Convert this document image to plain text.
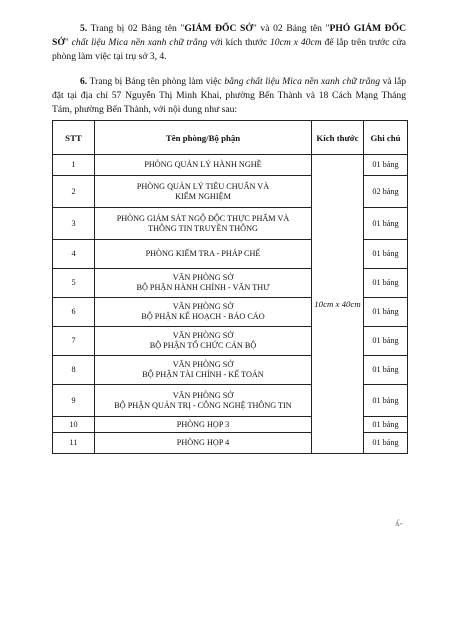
5. Trang bị 02 Bảng tên "GIÁM ĐỐC SỞ" và 02 Bảng tên "PHÓ GIÁM ĐỐC SỞ" chất liệu Mica nền xanh chữ trắng với kích thước 10cm x 40cm để lắp trên trước cửa phòng làm việc tại trụ sở 3, 4.

6. Trang bị Bảng tên phòng làm việc bằng chất liệu Mica nền xanh chữ trắng và lắp đặt tại địa chỉ 57 Nguyễn Thị Minh Khai, phường Bến Thành và 18 Cách Mạng Tháng Tám, phường Bến Thành, với nội dung như sau:

STT	Tên phòng/Bộ phận	Kích thước	Ghi chú
1	PHÒNG QUẢN LÝ HÀNH NGHỀ	10cm x 40cm	01 bảng
2	PHÒNG QUẢN LÝ TIÊU CHUẨN VÀ
KIỂM NGHIỆM		02 bảng
3	PHÒNG GIÁM SÁT NGỘ ĐỘC THỰC PHẨM VÀ
THÔNG TIN TRUYỀN THÔNG		01 bảng
4	PHÒNG KIỂM TRA - PHÁP CHẾ		01 bảng
5	VĂN PHÒNG SỞ
BỘ PHẬN HÀNH CHÍNH - VĂN THƯ		01 bảng
6	VĂN PHÒNG SỞ
BỘ PHẬN KẾ HOẠCH - BÁO CÁO		01 bảng
7	VĂN PHÒNG SỞ
BỘ PHẬN TỔ CHỨC CÁN BỘ		01 bảng
8	VĂN PHÒNG SỞ
BỘ PHẬN TÀI CHÍNH - KẾ TOÁN		01 bảng
9	VĂN PHÒNG SỞ
BỘ PHẬN QUẢN TRỊ - CÔNG NGHỆ THÔNG TIN		01 bảng
10	PHÒNG HỌP 3		01 bảng
11	PHÒNG HỌP 4		01 bảng
ʎ-
